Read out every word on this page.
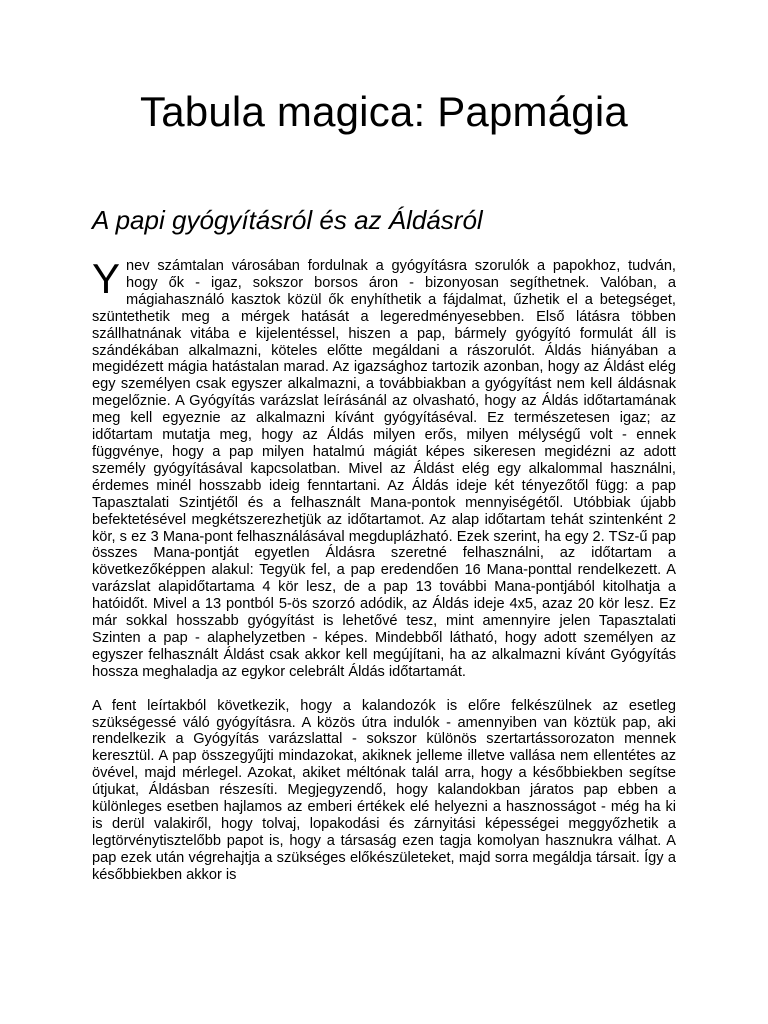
Tabula magica: Papmágia
A papi gyógyításról és az Áldásról

Ynev számtalan városában fordulnak a gyógyításra szorulók a papokhoz, tudván, hogy ők - igaz, sokszor borsos áron - bizonyosan segíthetnek. Valóban, a mágiahasználó kasztok közül ők enyhíthetik a fájdalmat, űzhetik el a betegséget, szüntethetik meg a mérgek hatását a legeredményesebben. Első látásra többen szállhatnának vitába e kijelentéssel, hiszen a pap, bármely gyógyító formulát áll is szándékában alkalmazni, köteles előtte megáldani a rászorulót. Áldás hiányában a megidézett mágia hatástalan marad. Az igazsághoz tartozik azonban, hogy az Áldást elég egy személyen csak egyszer alkalmazni, a továbbiakban a gyógyítást nem kell áldásnak megelőznie. A Gyógyítás varázslat leírásánál az olvasható, hogy az Áldás időtartamának meg kell egyeznie az alkalmazni kívánt gyógyításéval. Ez természetesen igaz; az időtartam mutatja meg, hogy az Áldás milyen erős, milyen mélységű volt - ennek függvénye, hogy a pap milyen hatalmú mágiát képes sikeresen megidézni az adott személy gyógyításával kapcsolatban. Mivel az Áldást elég egy alkalommal használni, érdemes minél hosszabb ideig fenntartani. Az Áldás ideje két tényezőtől függ: a pap Tapasztalati Szintjétől és a felhasznált Mana-pontok mennyiségétől. Utóbbiak újabb befektetésével megkétszerezhetjük az időtartamot. Az alap időtartam tehát szintenként 2 kör, s ez 3 Mana-pont felhasználásával megduplázható. Ezek szerint, ha egy 2. TSz-ű pap összes Mana-pontját egyetlen Áldásra szeretné felhasználni, az időtartam a következőképpen alakul: Tegyük fel, a pap eredendően 16 Mana-ponttal rendelkezett. A varázslat alapidőtartama 4 kör lesz, de a pap 13 további Mana-pontjából kitolhatja a hatóidőt. Mivel a 13 pontból 5-ös szorzó adódik, az Áldás ideje 4x5, azaz 20 kör lesz. Ez már sokkal hosszabb gyógyítást is lehetővé tesz, mint amennyire jelen Tapasztalati Szinten a pap - alaphelyzetben - képes. Mindebből látható, hogy adott személyen az egyszer felhasznált Áldást csak akkor kell megújítani, ha az alkalmazni kívánt Gyógyítás hossza meghaladja az egykor celebrált Áldás időtartamát.

A fent leírtakból következik, hogy a kalandozók is előre felkészülnek az esetleg szükségessé váló gyógyításra. A közös útra indulók - amennyiben van köztük pap, aki rendelkezik a Gyógyítás varázslattal - sokszor különös szertartássorozaton mennek keresztül. A pap összegyűjti mindazokat, akiknek jelleme illetve vallása nem ellentétes az övével, majd mérlegel. Azokat, akiket méltónak talál arra, hogy a későbbiekben segítse útjukat, Áldásban részesíti. Megjegyzendő, hogy kalandokban járatos pap ebben a különleges esetben hajlamos az emberi értékek elé helyezni a hasznosságot - még ha ki is derül valakiről, hogy tolvaj, lopakodási és zárnyitási képességei meggyőzhetik a legtörvénytisztelőbb papot is, hogy a társaság ezen tagja komolyan hasznukra válhat. A pap ezek után végrehajtja a szükséges előkészületeket, majd sorra megáldja társait. Így a későbbiekben akkor is
